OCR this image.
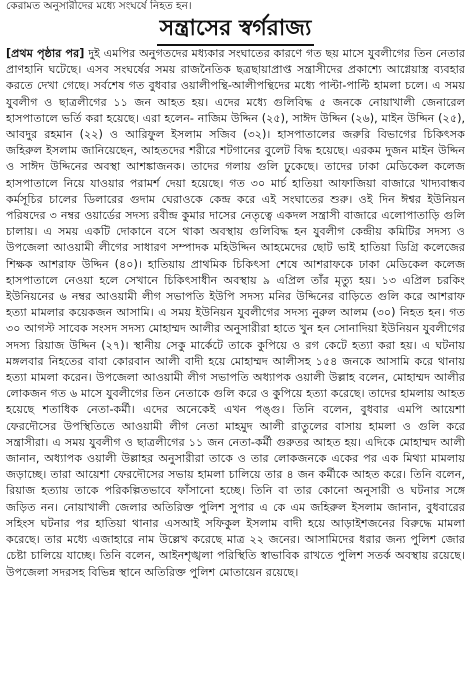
কেরামত অনুসারীদের মধ্যে সংঘর্ষে নিহত হন।
সন্ত্রাসের স্বর্গরাজ্য
[প্রথম পৃষ্ঠার পর] দুই এমপির অনুগতদের মধ্যকার সংঘাতের কারণে গত ছয় মাসে যুবলীগের তিন নেতার প্রাণহানি ঘটেছে। এসব সংঘর্ষের সময় রাজনৈতিক ছত্রছায়াপ্রাপ্ত সন্ত্রাসীদের প্রকাশ্যে আগ্নেয়াস্ত্র ব্যবহার করতে দেখা গেছে। সর্বশেষ গত বুধবার ওয়ালীপন্থি-আলীপন্থিদের মধ্যে পাল্টা-পাল্টি হামলা চলে। এ সময় যুবলীগ ও ছাত্রলীগের ১১ জন আহত হয়। এদের মধ্যে গুলিবিদ্ধ ৫ জনকে নোয়াখালী জেনারেল হাসপাতালে ভর্তি করা হয়েছে। এরা হলেন- নাজিম উদ্দিন (২৫), সাঈদ উদ্দিন (২৬), মাইন উদ্দিন (২৫), আবদুর রহমান (২২) ও আরিফুল ইসলাম সজিব (৩২)। হাসপাতালের জরুরি বিভাগের চিকিৎসক জহিরুল ইসলাম জানিয়েছেন, আহতদের শরীরে শটগানের বুলেট বিদ্ধ হয়েছে। এরকম দুজন মাইন উদ্দিন ও সাঈদ উদ্দিনের অবস্থা আশঙ্কাজনক। তাদের গলায় গুলি ঢুকেছে। তাদের ঢাকা মেডিকেল কলেজ হাসপাতালে নিয়ে যাওয়ার পরামর্শ দেয়া হয়েছে। গত ৩০ মার্চ হাতিয়া আফাজিয়া বাজারে খাদ্যবান্ধব কর্মসূচির চালের ডিলারের গুদাম ঘেরাওকে কেন্দ্র করে এই সংঘাতের শুরু। ওই দিন ঈশ্বর ইউনিয়ন পরিষদের ৩ নম্বর ওয়ার্ডের সদস্য রবীন্দ্র কুমার দাসের নেতৃত্বে একদল সন্ত্রাসী বাজারে এলোপাতাড়ি গুলি চালায়। এ সময় একটি দোকানে বসে থাকা অবস্থায় গুলিবিদ্ধ হন যুবলীগ কেন্দ্রীয় কমিটির সদস্য ও উপজেলা আওয়ামী লীগের সাধারণ সম্পাদক মহিউদ্দিন আহমেদের ছোট ভাই হাতিয়া ডিগ্রি কলেজের শিক্ষক আশরাফ উদ্দিন (৪০)। হাতিয়ায় প্রাথমিক চিকিৎসা শেষে আশরাফকে ঢাকা মেডিকেল কলেজ হাসপাতালে নেওয়া হলে সেখানে চিকিৎসাধীন অবস্থায় ৯ এপ্রিল তাঁর মৃত্যু হয়। ১৩ এপ্রিল চরকিং ইউনিয়নের ৬ নম্বর আওয়ামী লীগ সভাপতি ইউপি সদস্য মনির উদ্দিনের বাড়িতে গুলি করে আশরাফ হত্যা মামলার কয়েকজন আসামি। এ সময় ইউনিয়ন যুবলীগের সদস্য নুরুল আলম (৩০) নিহত হন। গত ৩০ আগস্ট সাবেক সংসদ সদস্য মোহাম্মদ আলীর অনুসারীরা হাতে খুন হন সোনাদিয়া ইউনিয়ন যুবলীগের সদস্য রিয়াজ উদ্দিন (২৭)। স্থানীয় সেকু মার্কেটে তাকে কুপিয়ে ও রগ কেটে হত্যা করা হয়। এ ঘটনায় মঙ্গলবার নিহতের বাবা কোরবান আলী বাদী হয়ে মোহাম্মদ আলীসহ ১৫৪ জনকে আসামি করে থানায় হত্যা মামলা করেন। উপজেলা আওয়ামী লীগ সভাপতি অধ্যাপক ওয়ালী উল্লাহ বলেন, মোহাম্মদ আলীর লোকজন গত ৬ মাসে যুবলীগের তিন নেতাকে গুলি করে ও কুপিয়ে হত্যা করেছে। তাদের হামলায় আহত হয়েছে শতাধিক নেতা-কর্মী। এদের অনেকেই এখন পঙ্গু। তিনি বলেন, বুধবার এমপি আয়েশা ফেরদৌসের উপস্থিতিতে আওয়ামী লীগ নেতা মাহমুদ আলী রাতুলের বাসায় হামলা ও গুলি করে সন্ত্রাসীরা। এ সময় যুবলীগ ও ছাত্রলীগের ১১ জন নেতা-কর্মী গুরুতর আহত হয়। এদিকে মোহাম্মদ আলী জানান, অধ্যাপক ওয়ালী উল্লাহর অনুসারীরা তাকে ও তার লোকজনকে একের পর এক মিথ্যা মামলায় জড়াচ্ছে। তারা আয়েশা ফেরদৌসের সভায় হামলা চালিয়ে তার ৪ জন কর্মীকে আহত করে। তিনি বলেন, রিয়াজ হত্যায় তাকে পরিকল্পিতভাবে ফাঁসানো হচ্ছে। তিনি বা তার কোনো অনুসারী ও ঘটনার সঙ্গে জড়িত নন। নোয়াখালী জেলার অতিরিক্ত পুলিশ সুপার এ কে এম জহিরুল ইসলাম জানান, বুধবারের সহিংস ঘটনার পর হাতিয়া থানার এসআই সফিকুল ইসলাম বাদী হয়ে আড়াইশজনের বিরুদ্ধে মামলা করেছে। তার মধ্যে এজাহারে নাম উল্লেখ করেছে মাত্র ২২ জনের। আসামিদের ধরার জন্য পুলিশ জোর চেষ্টা চালিয়ে যাচ্ছে। তিনি বলেন, আইনশৃঙ্খলা পরিস্থিতি স্বাভাবিক রাখতে পুলিশ সতর্ক অবস্থায় রয়েছে। উপজেলা সদরসহ বিভিন্ন স্থানে অতিরিক্ত পুলিশ মোতায়েন রয়েছে।
